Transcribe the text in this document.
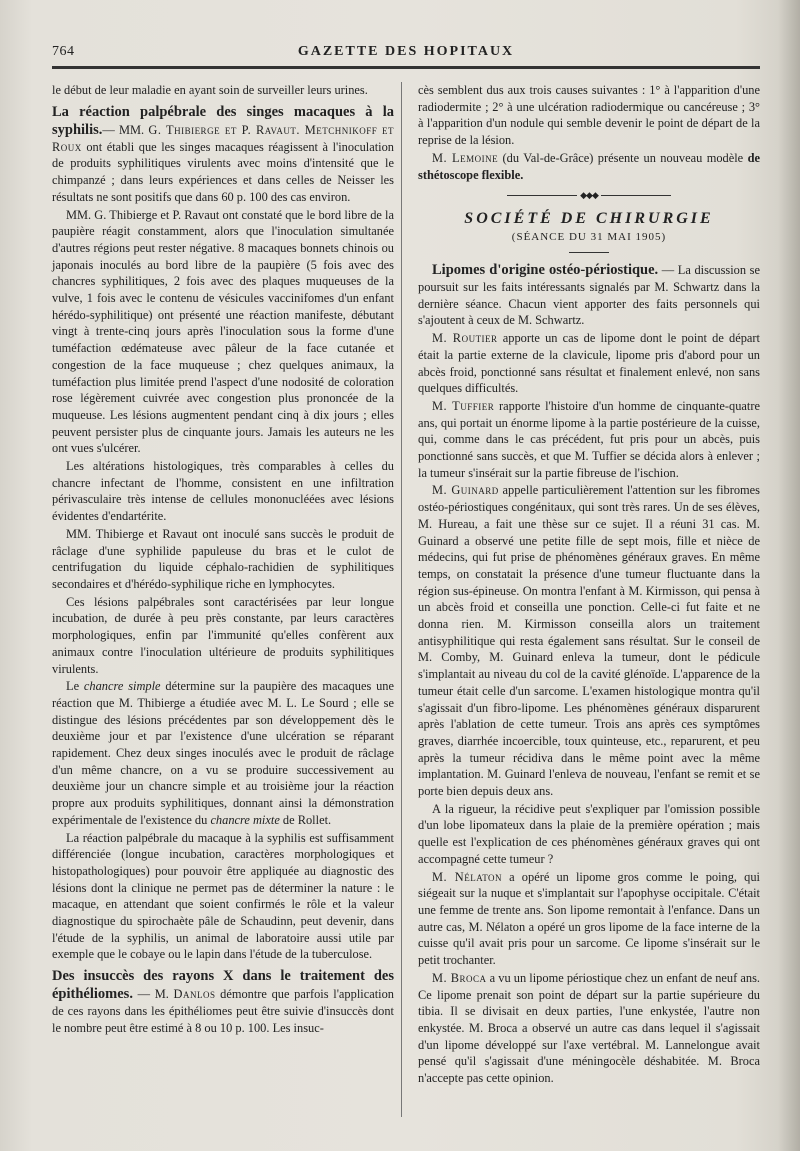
764	GAZETTE DES HOPITAUX

le début de leur maladie en ayant soin de surveiller leurs urines.

La réaction palpébrale des singes macaques à la syphilis.— MM. G. Thibierge et P. Ravaut. Metchnikoff et Roux ont établi que les singes macaques réagissent à l'inoculation de produits syphilitiques virulents avec moins d'intensité que le chimpanzé ; dans leurs expériences et dans celles de Neisser les résultats ne sont positifs que dans 60 p. 100 des cas environ.

MM. G. Thibierge et P. Ravaut ont constaté que le bord libre de la paupière réagit constamment, alors que l'inoculation simultanée d'autres régions peut rester négative. 8 macaques bonnets chinois ou japonais inoculés au bord libre de la paupière (5 fois avec des chancres syphilitiques, 2 fois avec des plaques muqueuses de la vulve, 1 fois avec le contenu de vésicules vaccinifomes d'un enfant hérédo-syphilitique) ont présenté une réaction manifeste, débutant vingt à trente-cinq jours après l'inoculation sous la forme d'une tuméfaction œdémateuse avec pâleur de la face cutanée et congestion de la face muqueuse ; chez quelques animaux, la tuméfaction plus limitée prend l'aspect d'une nodosité de coloration rose légèrement cuivrée avec congestion plus prononcée de la muqueuse. Les lésions augmentent pendant cinq à dix jours ; elles peuvent persister plus de cinquante jours. Jamais les auteurs ne les ont vues s'ulcérer.

Les altérations histologiques, très comparables à celles du chancre infectant de l'homme, consistent en une infiltration périvasculaire très intense de cellules mononucléées avec lésions évidentes d'endartérite.

MM. Thibierge et Ravaut ont inoculé sans succès le produit de râclage d'une syphilide papuleuse du bras et le culot de centrifugation du liquide céphalo-rachidien de syphilitiques secondaires et d'hérédo-syphilique riche en lymphocytes.

Ces lésions palpébrales sont caractérisées par leur longue incubation, de durée à peu près constante, par leurs caractères morphologiques, enfin par l'immunité qu'elles confèrent aux animaux contre l'inoculation ultérieure de produits syphilitiques virulents.

Le chancre simple détermine sur la paupière des macaques une réaction que M. Thibierge a étudiée avec M. L. Le Sourd ; elle se distingue des lésions précédentes par son développement dès le deuxième jour et par l'existence d'une ulcération se réparant rapidement. Chez deux singes inoculés avec le produit de râclage d'un même chancre, on a vu se produire successivement au deuxième jour un chancre simple et au troisième jour la réaction propre aux produits syphilitiques, donnant ainsi la démonstration expérimentale de l'existence du chancre mixte de Rollet.

La réaction palpébrale du macaque à la syphilis est suffisamment différenciée (longue incubation, caractères morphologiques et histopathologiques) pour pouvoir être appliquée au diagnostic des lésions dont la clinique ne permet pas de déterminer la nature : le macaque, en attendant que soient confirmés le rôle et la valeur diagnostique du spirochaète pâle de Schaudinn, peut devenir, dans l'étude de la syphilis, un animal de laboratoire aussi utile par exemple que le cobaye ou le lapin dans l'étude de la tuberculose.

Des insuccès des rayons X dans le traitement des épithéliomes. — M. Danlos démontre que parfois l'application de ces rayons dans les épithéliomes peut être suivie d'insuccès dont le nombre peut être estimé à 8 ou 10 p. 100. Les insuc-

cès semblent dus aux trois causes suivantes : 1° à l'apparition d'une radiodermite ; 2° à une ulcération radiodermique ou cancéreuse ; 3° à l'apparition d'un nodule qui semble devenir le point de départ de la reprise de la lésion.

M. Lemoine (du Val-de-Grâce) présente un nouveau modèle de sthétoscope flexible.

◆◆◆
SOCIÉTÉ DE CHIRURGIE
(SÉANCE DU 31 MAI 1905)

Lipomes d'origine ostéo-périostique. — La discussion se poursuit sur les faits intéressants signalés par M. Schwartz dans la dernière séance. Chacun vient apporter des faits personnels qui s'ajoutent à ceux de M. Schwartz.

M. Routier apporte un cas de lipome dont le point de départ était la partie externe de la clavicule, lipome pris d'abord pour un abcès froid, ponctionné sans résultat et finalement enlevé, non sans quelques difficultés.

M. Tuffier rapporte l'histoire d'un homme de cinquante-quatre ans, qui portait un énorme lipome à la partie postérieure de la cuisse, qui, comme dans le cas précédent, fut pris pour un abcès, puis ponctionné sans succès, et que M. Tuffier se décida alors à enlever ; la tumeur s'insérait sur la partie fibreuse de l'ischion.

M. Guinard appelle particulièrement l'attention sur les fibromes ostéo-périostiques congénitaux, qui sont très rares. Un de ses élèves, M. Hureau, a fait une thèse sur ce sujet. Il a réuni 31 cas. M. Guinard a observé une petite fille de sept mois, fille et nièce de médecins, qui fut prise de phénomènes généraux graves. En même temps, on constatait la présence d'une tumeur fluctuante dans la région sus-épineuse. On montra l'enfant à M. Kirmisson, qui pensa à un abcès froid et conseilla une ponction. Celle-ci fut faite et ne donna rien. M. Kirmisson conseilla alors un traitement antisyphilitique qui resta également sans résultat. Sur le conseil de M. Comby, M. Guinard enleva la tumeur, dont le pédicule s'implantait au niveau du col de la cavité glénoïde. L'apparence de la tumeur était celle d'un sarcome. L'examen histologique montra qu'il s'agissait d'un fibro-lipome. Les phénomènes généraux disparurent après l'ablation de cette tumeur. Trois ans après ces symptômes graves, diarrhée incoercible, toux quinteuse, etc., reparurent, et peu après la tumeur récidiva dans le même point avec la même implantation. M. Guinard l'enleva de nouveau, l'enfant se remit et se porte bien depuis deux ans.

A la rigueur, la récidive peut s'expliquer par l'omission possible d'un lobe lipomateux dans la plaie de la première opération ; mais quelle est l'explication de ces phénomènes généraux graves qui ont accompagné cette tumeur ?

M. Nélaton a opéré un lipome gros comme le poing, qui siégeait sur la nuque et s'implantait sur l'apophyse occipitale. C'était une femme de trente ans. Son lipome remontait à l'enfance. Dans un autre cas, M. Nélaton a opéré un gros lipome de la face interne de la cuisse qu'il avait pris pour un sarcome. Ce lipome s'insérait sur le petit trochanter.

M. Broca a vu un lipome périostique chez un enfant de neuf ans. Ce lipome prenait son point de départ sur la partie supérieure du tibia. Il se divisait en deux parties, l'une enkystée, l'autre non enkystée. M. Broca a observé un autre cas dans lequel il s'agissait d'un lipome développé sur l'axe vertébral. M. Lannelongue avait pensé qu'il s'agissait d'une méningocèle déshabitée. M. Broca n'accepte pas cette opinion.
